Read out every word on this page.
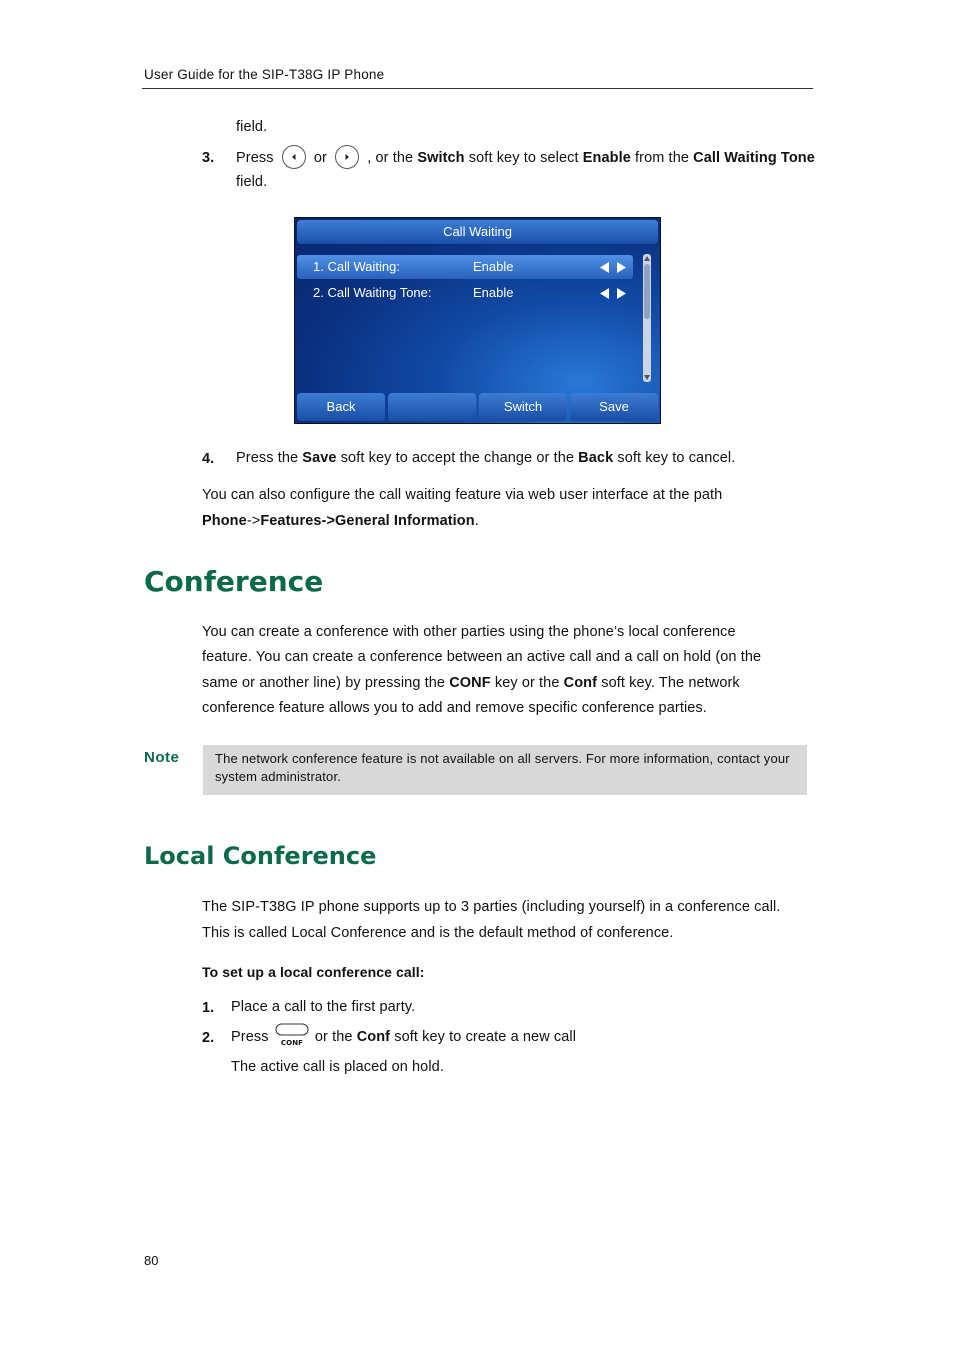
User Guide for the SIP-T38G IP Phone
field.
3. Press	or	, or the Switch soft key to select Enable from the Call Waiting Tone
field.
Call Waiting
1. Call Waiting:	Enable
2. Call Waiting Tone:	Enable
Back	Switch	Save
4. Press the Save soft key to accept the change or the Back soft key to cancel.
You can also configure the call waiting feature via web user interface at the path
Phone->Features->General Information.
Conference
You can create a conference with other parties using the phone’s local conference
feature. You can create a conference between an active call and a call on hold (on the
same or another line) by pressing the CONF key or the Conf soft key. The network
conference feature allows you to add and remove specific conference parties.
Note	The network conference feature is not available on all servers. For more information, contact your system administrator.
Local Conference
The SIP-T38G IP phone supports up to 3 parties (including yourself) in a conference call.
This is called Local Conference and is the default method of conference.
To set up a local conference call:
1. Place a call to the first party.
2. Press CONF or the Conf soft key to create a new call
The active call is placed on hold.
80
